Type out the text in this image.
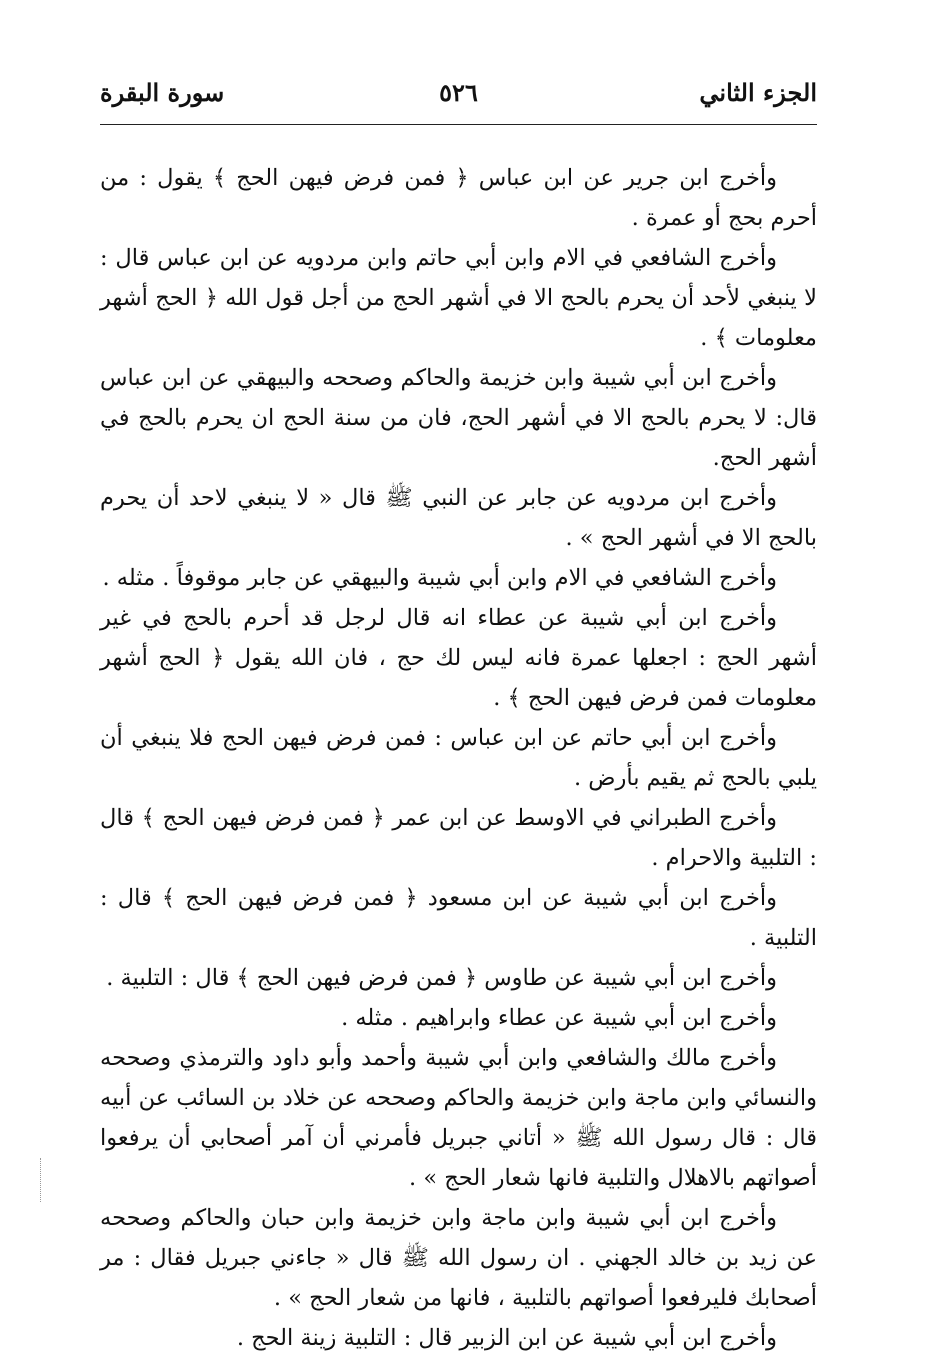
الجزء الثاني
٥٢٦
سورة البقرة

وأخرج ابن جرير عن ابن عباس ﴿ فمن فرض فيهن الحج ﴾ يقول : من أحرم بحج أو عمرة .

وأخرج الشافعي في الام وابن أبي حاتم وابن مردويه عن ابن عباس قال : لا ينبغي لأحد أن يحرم بالحج الا في أشهر الحج من أجل قول الله ﴿ الحج أشهر معلومات ﴾ .

وأخرج ابن أبي شيبة وابن خزيمة والحاكم وصححه والبيهقي عن ابن عباس قال: لا يحرم بالحج الا في أشهر الحج، فان من سنة الحج ان يحرم بالحج في أشهر الحج.

وأخرج ابن مردويه عن جابر عن النبي ﷺ قال « لا ينبغي لاحد أن يحرم بالحج الا في أشهر الحج » .

وأخرج الشافعي في الام وابن أبي شيبة والبيهقي عن جابر موقوفاً . مثله .

وأخرج ابن أبي شيبة عن عطاء انه قال لرجل قد أحرم بالحج في غير أشهر الحج : اجعلها عمرة فانه ليس لك حج ، فان الله يقول ﴿ الحج أشهر معلومات فمن فرض فيهن الحج ﴾ .

وأخرج ابن أبي حاتم عن ابن عباس : فمن فرض فيهن الحج فلا ينبغي أن يلبي بالحج ثم يقيم بأرض .

وأخرج الطبراني في الاوسط عن ابن عمر ﴿ فمن فرض فيهن الحج ﴾ قال : التلبية والاحرام .

وأخرج ابن أبي شيبة عن ابن مسعود ﴿ فمن فرض فيهن الحج ﴾ قال : التلبية .

وأخرج ابن أبي شيبة عن طاوس ﴿ فمن فرض فيهن الحج ﴾ قال : التلبية .

وأخرج ابن أبي شيبة عن عطاء وابراهيم . مثله .

وأخرج مالك والشافعي وابن أبي شيبة وأحمد وأبو داود والترمذي وصححه والنسائي وابن ماجة وابن خزيمة والحاكم وصححه عن خلاد بن السائب عن أبيه قال : قال رسول الله ﷺ « أتاني جبريل فأمرني أن آمر أصحابي أن يرفعوا أصواتهم بالاهلال والتلبية فانها شعار الحج » .

وأخرج ابن أبي شيبة وابن ماجة وابن خزيمة وابن حبان والحاكم وصححه عن زيد بن خالد الجهني . ان رسول الله ﷺ قال « جاءني جبريل فقال : مر أصحابك فليرفعوا أصواتهم بالتلبية ، فانها من شعار الحج » .

وأخرج ابن أبي شيبة عن ابن الزبير قال : التلبية زينة الحج .
